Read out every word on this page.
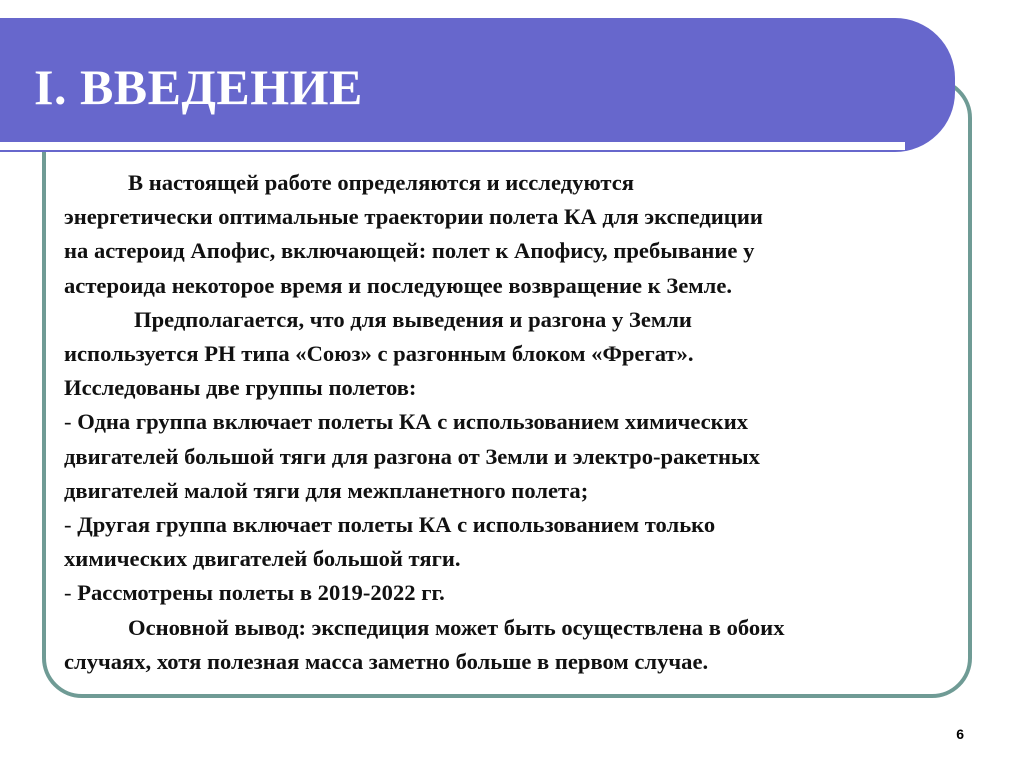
I. ВВЕДЕНИЕ

В настоящей работе определяются и исследуются

энергетически оптимальные траектории полета КА для экспедиции

на астероид Апофис, включающей: полет к Апофису, пребывание у

астероида некоторое время и последующее возвращение к Земле.

Предполагается, что для выведения и разгона у Земли

используется РН типа «Союз» с разгонным блоком «Фрегат».

Исследованы две группы полетов:

- Одна группа включает полеты КА с использованием химических

двигателей большой тяги для разгона от Земли и электро-ракетных

двигателей малой тяги для межпланетного полета;

- Другая группа включает полеты КА с использованием только

химических двигателей большой тяги.

- Рассмотрены полеты в 2019-2022 гг.

Основной вывод: экспедиция может быть осуществлена в обоих

случаях, хотя полезная масса заметно больше в первом случае.

6
